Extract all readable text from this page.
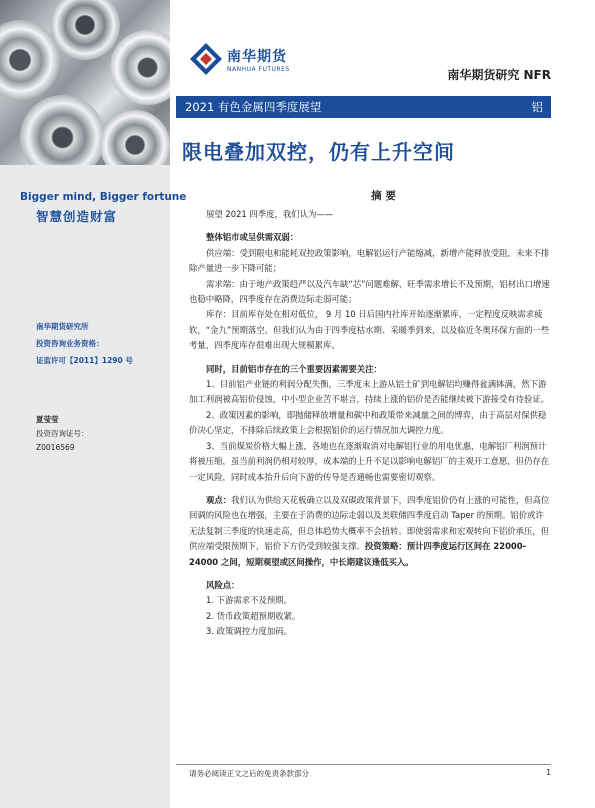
Bigger mind, Bigger fortune
智慧创造财富
南华期货研究所
投资咨询业务资格：
证监许可【2011】1290 号
夏莹莹
投资咨询证号：
Z0016569
南华期货
NANHUA FUTURES	南华期货研究 NFR
2021 有色金属四季度展望	铝
限电叠加双控，仍有上升空间
摘 要

展望 2021 四季度，我们认为——

整体铝市或呈供需双弱：

供应端：受到限电和能耗双控政策影响，电解铝运行产能缩减，新增产能释放受阻，未来不排除产量进一步下降可能；

需求端：由于地产政策趋严以及汽车缺“芯”问题难解，旺季需求增长不及预期，铝材出口增速也稳中略降，四季度存在消费边际走弱可能；

库存：目前库存处在相对低位， 9 月 10 日后国内社库开始逐渐累库，一定程度反映需求疲软，“金九”预期落空。但我们认为由于四季度枯水期、采暖季到来，以及临近冬奥环保方面的一些考量，四季度库存很难出现大规模累库。

同时，目前铝市存在的三个重要因素需要关注：

1、目前铝产业链的利润分配失衡，三季度末上游从铝土矿到电解铝均赚得盆满钵满，然下游加工利润被高铝价侵蚀，中小型企业苦不堪言，持续上涨的铝价是否能继续被下游接受有待验证。

2、政策因素的影响，即抛储释放增量和碳中和政策带来减量之间的博弈，由于高层对保供稳价决心坚定，不排除后续政策上会根据铝价的运行情况加大调控力度。

3、当前煤炭价格大幅上涨，各地也在逐渐取消对电解铝行业的用电优惠，电解铝厂利润预计将被压缩，虽当前利润仍相对较厚，成本端的上升不足以影响电解铝厂的主观开工意愿，但仍存在一定风险，同时成本抬升后向下游的传导是否通畅也需要密切观察。

观点：我们认为供给天花板确立以及双碳政策背景下，四季度铝价仍有上涨的可能性，但高位回调的风险也在增强，主要在于消费的边际走弱以及美联储四季度启动 Taper 的预期。铝价或许无法复制三季度的快速走高，但总体趋势大概率不会扭转。即使弱需求和宏观转向下铝价承压，但供应端受限预期下，铝价下方仍受到较强支撑。投资策略：预计四季度运行区间在 22000-24000 之间，短期观望或区间操作，中长期建议逢低买入。

风险点：

1. 下游需求不及预期。
2. 货币政策超预期收紧。
3. 政策调控力度加码。
请务必阅读正文之后的免责条款部分	1
